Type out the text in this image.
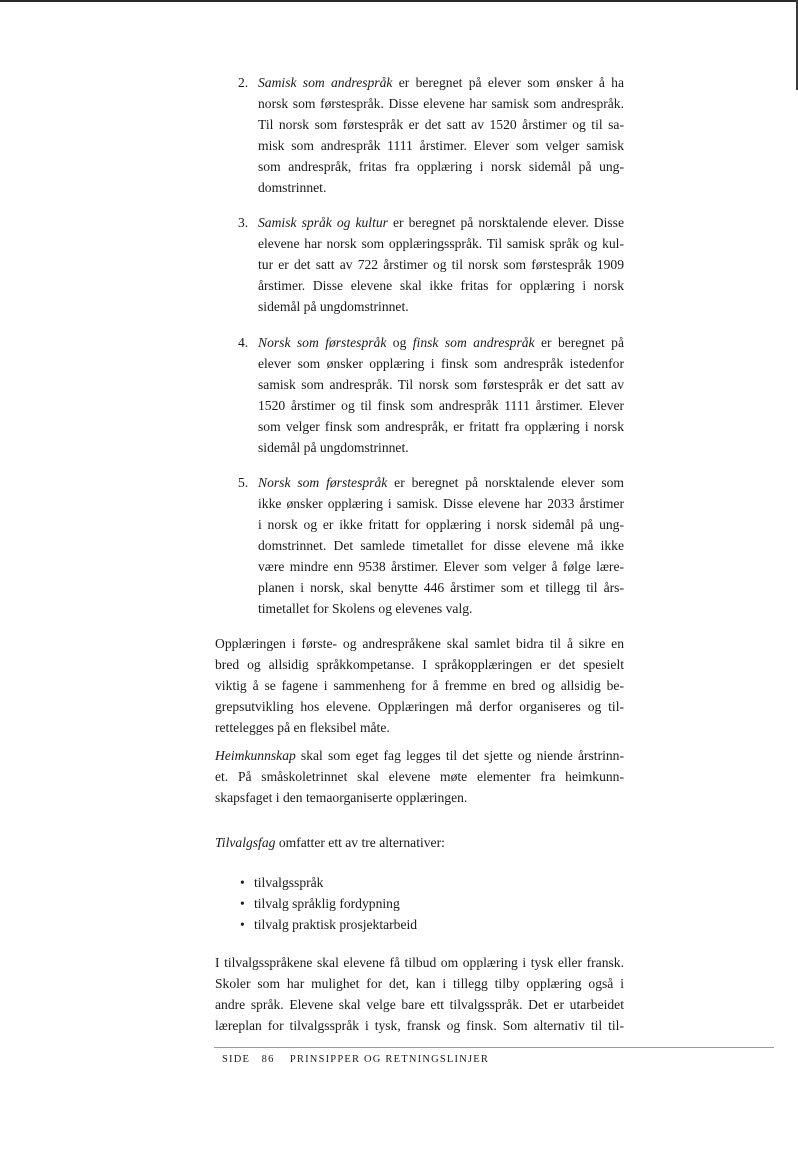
2. Samisk som andrespråk er beregnet på elever som ønsker å ha
norsk som førstespråk. Disse elevene har samisk som andrespråk.
Til norsk som førstespråk er det satt av 1520 årstimer og til sa-
misk som andrespråk 1111 årstimer. Elever som velger samisk
som andrespråk, fritas fra opplæring i norsk sidemål på ung-
domstrinnet.
3. Samisk språk og kultur er beregnet på norsktalende elever. Disse
elevene har norsk som opplæringsspråk. Til samisk språk og kul-
tur er det satt av 722 årstimer og til norsk som førstespråk 1909
årstimer. Disse elevene skal ikke fritas for opplæring i norsk
sidemål på ungdomstrinnet.
4. Norsk som førstespråk og finsk som andrespråk er beregnet på
elever som ønsker opplæring i finsk som andrespråk istedenfor
samisk som andrespråk. Til norsk som førstespråk er det satt av
1520 årstimer og til finsk som andrespråk 1111 årstimer. Elever
som velger finsk som andrespråk, er fritatt fra opplæring i norsk
sidemål på ungdomstrinnet.
5. Norsk som førstespråk er beregnet på norsktalende elever som
ikke ønsker opplæring i samisk. Disse elevene har 2033 årstimer
i norsk og er ikke fritatt for opplæring i norsk sidemål på ung-
domstrinnet. Det samlede timetallet for disse elevene må ikke
være mindre enn 9538 årstimer. Elever som velger å følge lære-
planen i norsk, skal benytte 446 årstimer som et tillegg til års-
timetallet for Skolens og elevenes valg.
Opplæringen i første- og andrespråkene skal samlet bidra til å sikre en
bred og allsidig språkkompetanse. I språkopplæringen er det spesielt
viktig å se fagene i sammenheng for å fremme en bred og allsidig be-
grepsutvikling hos elevene. Opplæringen må derfor organiseres og til-
rettelegges på en fleksibel måte.
Heimkunnskap skal som eget fag legges til det sjette og niende årstrinn-
et. På småskoletrinnet skal elevene møte elementer fra heimkunn-
skapsfaget i den temaorganiserte opplæringen.
Tilvalgsfag omfatter ett av tre alternativer:
• tilvalgsspråk
• tilvalg språklig fordypning
• tilvalg praktisk prosjektarbeid
I tilvalgsspråkene skal elevene få tilbud om opplæring i tysk eller fransk.
Skoler som har mulighet for det, kan i tillegg tilby opplæring også i
andre språk. Elevene skal velge bare ett tilvalgsspråk. Det er utarbeidet
læreplan for tilvalgsspråk i tysk, fransk og finsk. Som alternativ til til-
SIDE 86 PRINSIPPER OG RETNINGSLINJER
